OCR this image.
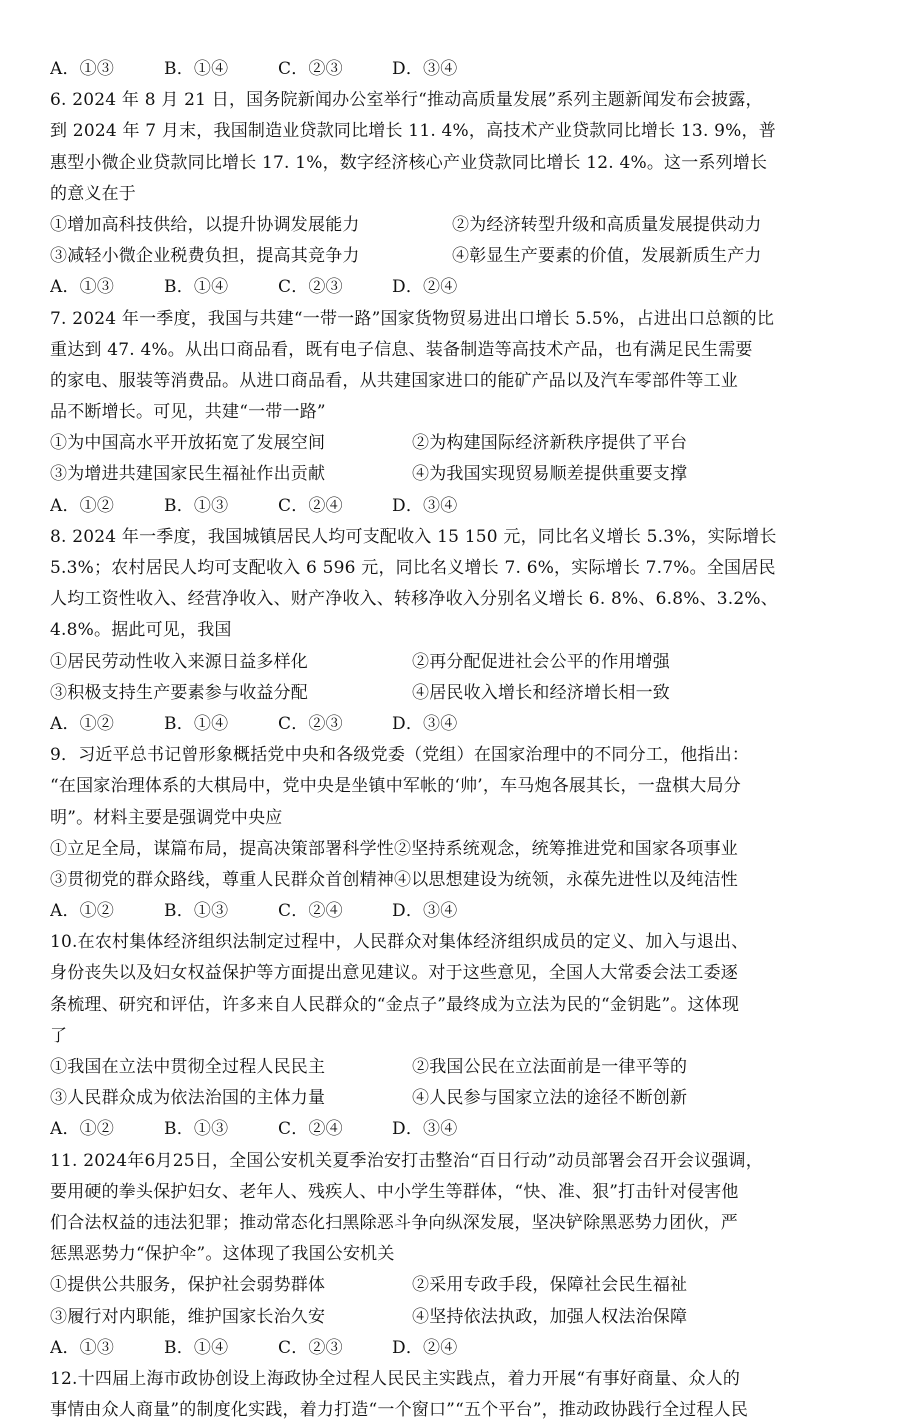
A．①③	B．①④	C．②③	D．③④
6. 2024 年 8 月 21 日，国务院新闻办公室举行“推动高质量发展”系列主题新闻发布会披露，
到 2024 年 7 月末，我国制造业贷款同比增长 11. 4%，高技术产业贷款同比增长 13. 9%，普
惠型小微企业贷款同比增长 17. 1%，数字经济核心产业贷款同比增长 12. 4%。这一系列增长
的意义在于
①增加高科技供给，以提升协调发展能力	②为经济转型升级和高质量发展提供动力
③减轻小微企业税费负担，提高其竞争力	④彰显生产要素的价值，发展新质生产力
A．①③	B．①④	C．②③	D．②④
7. 2024 年一季度，我国与共建“一带一路”国家货物贸易进出口增长 5.5%，占进出口总额的比
重达到 47. 4%。从出口商品看，既有电子信息、装备制造等高技术产品，也有满足民生需要
的家电、服装等消费品。从进口商品看，从共建国家进口的能矿产品以及汽车零部件等工业
品不断增长。可见，共建“一带一路”
①为中国高水平开放拓宽了发展空间	②为构建国际经济新秩序提供了平台
③为增进共建国家民生福祉作出贡献	④为我国实现贸易顺差提供重要支撑
A．①②	B．①③	C．②④	D．③④
8. 2024 年一季度，我国城镇居民人均可支配收入 15 150 元，同比名义增长 5.3%，实际增长
5.3%；农村居民人均可支配收入 6 596 元，同比名义增长 7. 6%，实际增长 7.7%。全国居民
人均工资性收入、经营净收入、财产净收入、转移净收入分别名义增长 6. 8%、6.8%、3.2%、
4.8%。据此可见，我国
①居民劳动性收入来源日益多样化	②再分配促进社会公平的作用增强
③积极支持生产要素参与收益分配	④居民收入增长和经济增长相一致
A．①②	B．①④	C．②③	D．③④
9．习近平总书记曾形象概括党中央和各级党委（党组）在国家治理中的不同分工，他指出：
“在国家治理体系的大棋局中，党中央是坐镇中军帐的‘帅’，车马炮各展其长，一盘棋大局分
明”。材料主要是强调党中央应
①立足全局，谋篇布局，提高决策部署科学性②坚持系统观念，统筹推进党和国家各项事业
③贯彻党的群众路线，尊重人民群众首创精神④以思想建设为统领，永葆先进性以及纯洁性
A．①②	B．①③	C．②④	D．③④
10.在农村集体经济组织法制定过程中，人民群众对集体经济组织成员的定义、加入与退出、
身份丧失以及妇女权益保护等方面提出意见建议。对于这些意见，全国人大常委会法工委逐
条梳理、研究和评估，许多来自人民群众的“金点子”最终成为立法为民的“金钥匙”。这体现
了
①我国在立法中贯彻全过程人民民主	②我国公民在立法面前是一律平等的
③人民群众成为依法治国的主体力量	④人民参与国家立法的途径不断创新
A．①②	B．①③	C．②④	D．③④
11. 2024年6月25日，全国公安机关夏季治安打击整治“百日行动”动员部署会召开会议强调，
要用硬的拳头保护妇女、老年人、残疾人、中小学生等群体，“快、准、狠”打击针对侵害他
们合法权益的违法犯罪；推动常态化扫黑除恶斗争向纵深发展，坚决铲除黑恶势力团伙，严
惩黑恶势力“保护伞”。这体现了我国公安机关
①提供公共服务，保护社会弱势群体	②采用专政手段，保障社会民生福祉
③履行对内职能，维护国家长治久安	④坚持依法执政，加强人权法治保障
A．①③	B．①④	C．②③	D．②④
12.十四届上海市政协创设上海政协全过程人民民主实践点，着力开展“有事好商量、众人的
事情由众人商量”的制度化实践，着力打造“一个窗口”“五个平台”，推动政协践行全过程人民
